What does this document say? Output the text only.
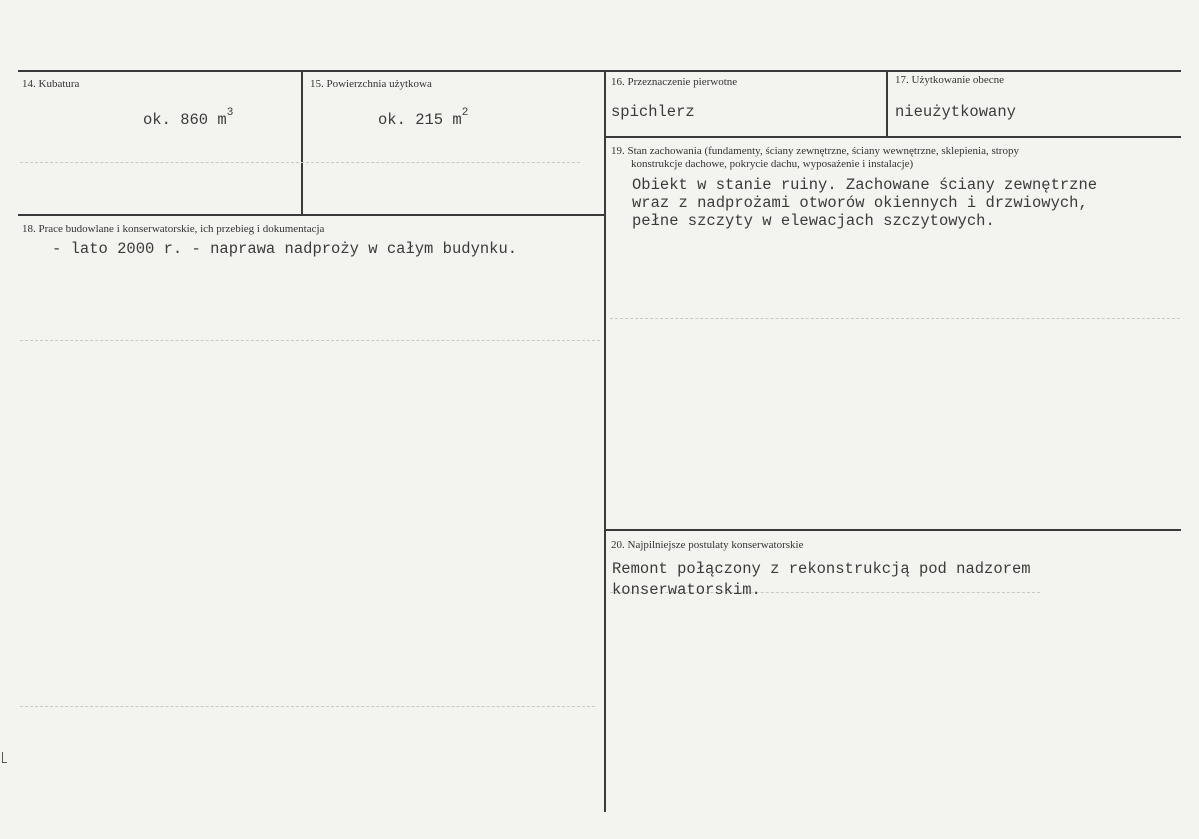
14. Kubatura
ok. 860 $m^3$
15. Powierzchnia użytkowa
ok. 215 $m^2$
16. Przeznaczenie pierwotne
spichlerz
17. Użytkowanie obecne
nieużytkowany
18. Prace budowlane i konserwatorskie, ich przebieg i dokumentacja
- lato 2000 r. - naprawa nadproży w całym budynku.
19. Stan zachowania (fundamenty, ściany zewnętrzne, ściany wewnętrzne, sklepienia, stropy
konstrukcje dachowe, pokrycie dachu, wyposażenie i instalacje)
Obiekt w stanie ruiny. Zachowane ściany zewnętrzne
wraz z nadprożami otworów okiennych i drzwiowych,
pełne szczyty w elewacjach szczytowych.
20. Najpilniejsze postulaty konserwatorskie
Remont połączony z rekonstrukcją pod nadzorem
konserwatorskim.
